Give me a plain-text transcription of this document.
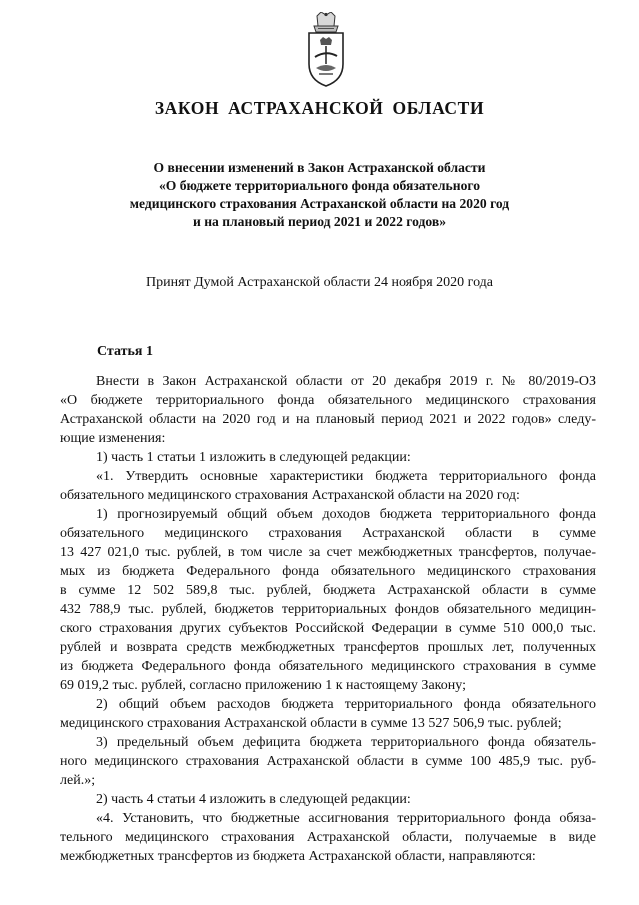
ЗАКОН АСТРАХАНСКОЙ ОБЛАСТИ
О внесении изменений в Закон Астраханской области
«О бюджете территориального фонда обязательного
медицинского страхования Астраханской области на 2020 год
и на плановый период 2021 и 2022 годов»
Принят Думой Астраханской области 24 ноября 2020 года
Статья 1
Внести в Закон Астраханской области от 20 декабря 2019 г. № 80/2019-ОЗ
«О бюджете территориального фонда обязательного медицинского страхования
Астраханской области на 2020 год и на плановый период 2021 и 2022 годов» следу-
ющие изменения:
1) часть 1 статьи 1 изложить в следующей редакции:
«1. Утвердить основные характеристики бюджета территориального фонда
обязательного медицинского страхования Астраханской области на 2020 год:
1) прогнозируемый общий объем доходов бюджета территориального фонда
обязательного медицинского страхования Астраханской области в сумме
13 427 021,0 тыс. рублей, в том числе за счет межбюджетных трансфертов, получае-
мых из бюджета Федерального фонда обязательного медицинского страхования
в сумме 12 502 589,8 тыс. рублей, бюджета Астраханской области в сумме
432 788,9 тыс. рублей, бюджетов территориальных фондов обязательного медицин-
ского страхования других субъектов Российской Федерации в сумме 510 000,0 тыс.
рублей и возврата средств межбюджетных трансфертов прошлых лет, полученных
из бюджета Федерального фонда обязательного медицинского страхования в сумме
69 019,2 тыс. рублей, согласно приложению 1 к настоящему Закону;
2) общий объем расходов бюджета территориального фонда обязательного
медицинского страхования Астраханской области в сумме 13 527 506,9 тыс. рублей;
3) предельный объем дефицита бюджета территориального фонда обязатель-
ного медицинского страхования Астраханской области в сумме 100 485,9 тыс. руб-
лей.»;
2) часть 4 статьи 4 изложить в следующей редакции:
«4. Установить, что бюджетные ассигнования территориального фонда обяза-
тельного медицинского страхования Астраханской области, получаемые в виде
межбюджетных трансфертов из бюджета Астраханской области, направляются:
